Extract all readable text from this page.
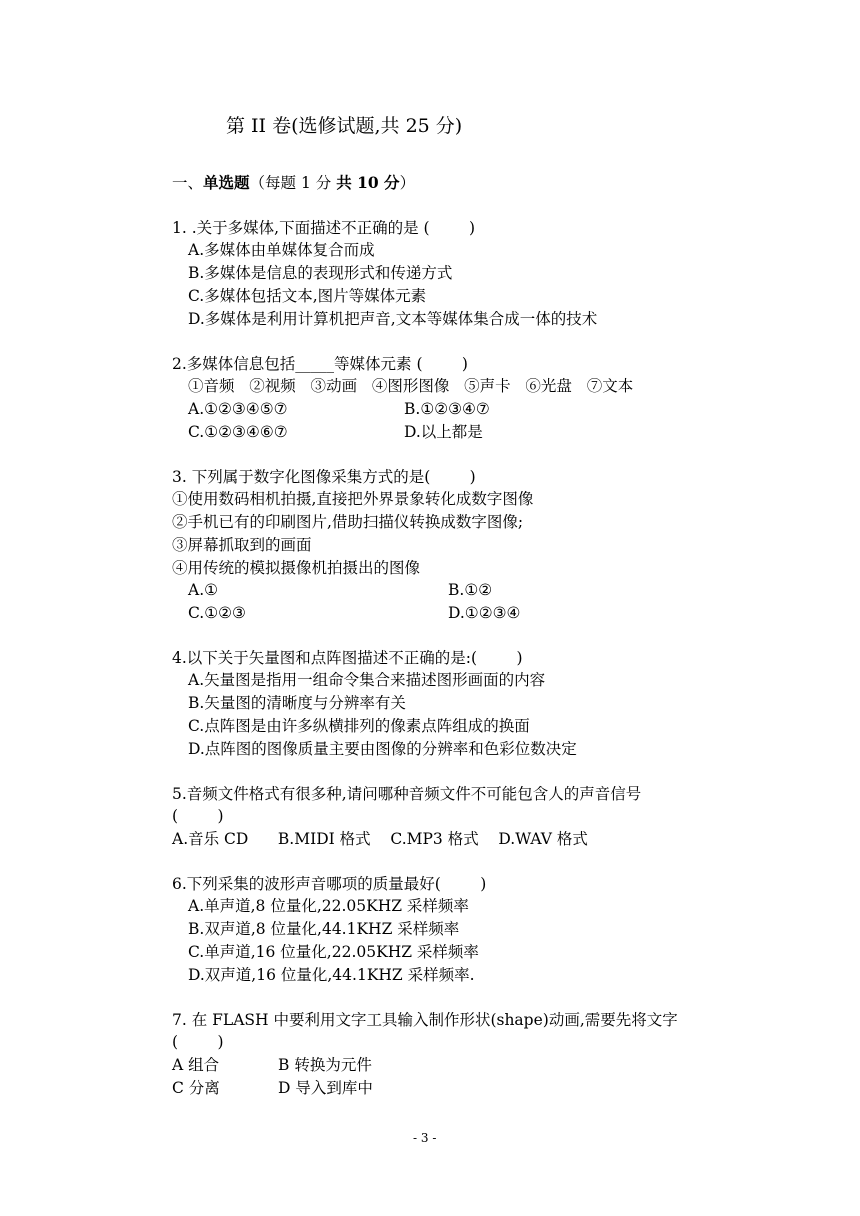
第 II 卷(选修试题,共 25 分)
一、单选题（每题 1 分 共 10 分）
1. .关于多媒体,下面描述不正确的是 (        )
A.多媒体由单媒体复合而成
B.多媒体是信息的表现形式和传递方式
C.多媒体包括文本,图片等媒体元素
D.多媒体是利用计算机把声音,文本等媒体集合成一体的技术
2.多媒体信息包括_____等媒体元素 (        )
①音频   ②视频   ③动画   ④图形图像   ⑤声卡   ⑥光盘   ⑦文本
A.①②③④⑤⑦	B.①②③④⑦
C.①②③④⑥⑦	D.以上都是
3. 下列属于数字化图像采集方式的是(        )
①使用数码相机拍摄,直接把外界景象转化成数字图像
②手机已有的印刷图片,借助扫描仪转换成数字图像;
③屏幕抓取到的画面
④用传统的模拟摄像机拍摄出的图像
A.①	B.①②
C.①②③	D.①②③④
4.以下关于矢量图和点阵图描述不正确的是:(        )
A.矢量图是指用一组命令集合来描述图形画面的内容
B.矢量图的清晰度与分辨率有关
C.点阵图是由许多纵横排列的像素点阵组成的换面
D.点阵图的图像质量主要由图像的分辨率和色彩位数决定
5.音频文件格式有很多种,请问哪种音频文件不可能包含人的声音信号
(        )
A.音乐 CD      B.MIDI 格式    C.MP3 格式    D.WAV 格式
6.下列采集的波形声音哪项的质量最好(        )
A.单声道,8 位量化,22.05KHZ 采样频率
B.双声道,8 位量化,44.1KHZ 采样频率
C.单声道,16 位量化,22.05KHZ 采样频率
D.双声道,16 位量化,44.1KHZ 采样频率.
7. 在 FLASH 中要利用文字工具输入制作形状(shape)动画,需要先将文字
(        )
A 组合	B 转换为元件
C 分离	D 导入到库中
- 3 -
